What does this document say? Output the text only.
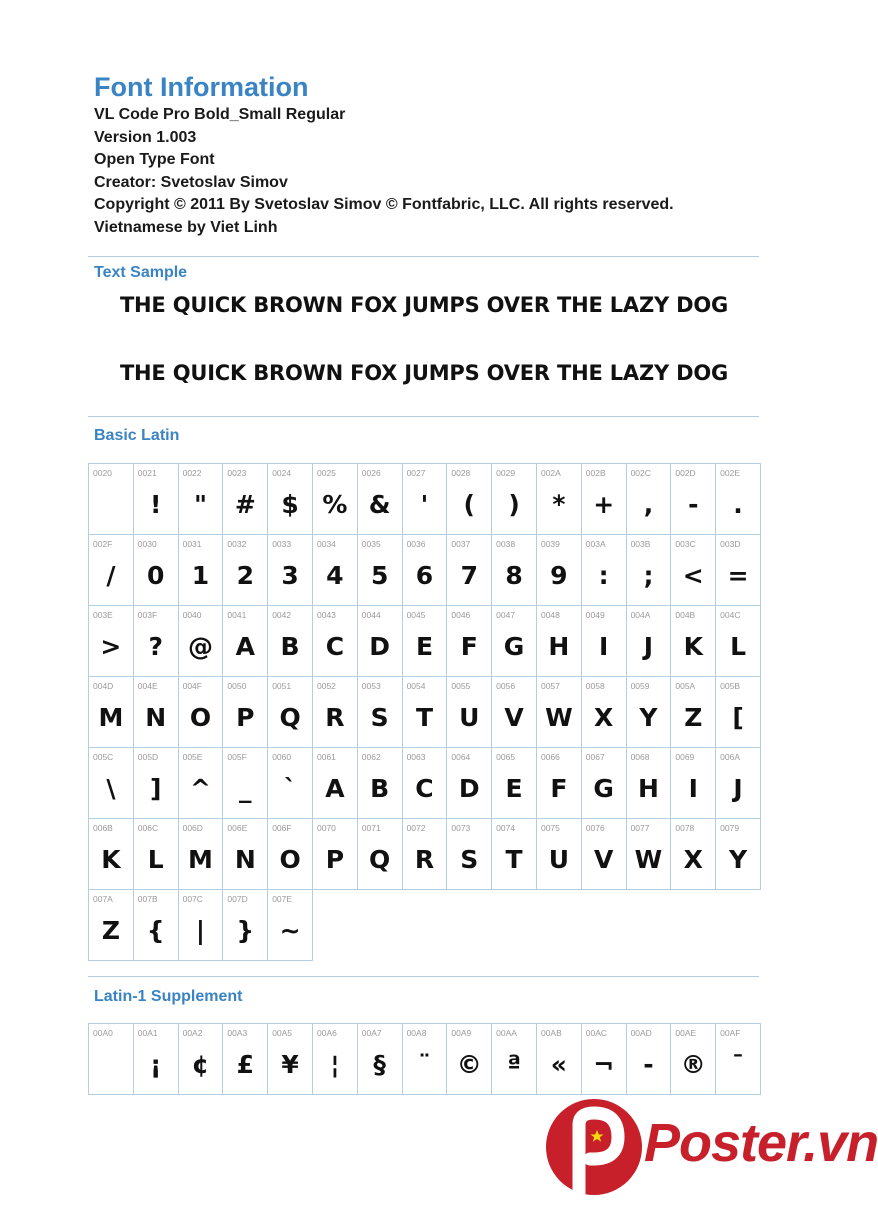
Font Information
VL Code Pro Bold_Small Regular
Version 1.003
Open Type Font
Creator: Svetoslav Simov
Copyright © 2011 By Svetoslav Simov © Fontfabric, LLC. All rights reserved.
Vietnamese by Viet Linh
Text Sample
THE QUICK BROWN FOX JUMPS OVER THE LAZY DOG
THE QUICK BROWN FOX JUMPS OVER THE LAZY DOG
Basic Latin
0020	0021
!
0022
"
0023
#
0024
$
0025
%
0026
&
0027
'
0028
(
0029
)
002A
*
002B
+
002C
,
002D
-
002E
.
002F
/
0030
0
0031
1
0032
2
0033
3
0034
4
0035
5
0036
6
0037
7
0038
8
0039
9
003A
:
003B
;
003C
<
003D
=
003E
>
003F
?
0040
@
0041
A
0042
B
0043
C
0044
D
0045
E
0046
F
0047
G
0048
H
0049
I
004A
J
004B
K
004C
L
004D
M
004E
N
004F
O
0050
P
0051
Q
0052
R
0053
S
0054
T
0055
U
0056
V
0057
W
0058
X
0059
Y
005A
Z
005B
[
005C
\
005D
]
005E
^
005F
_
0060
`
0061
A
0062
B
0063
C
0064
D
0065
E
0066
F
0067
G
0068
H
0069
I
006A
J
006B
K
006C
L
006D
M
006E
N
006F
O
0070
P
0071
Q
0072
R
0073
S
0074
T
0075
U
0076
V
0077
W
0078
X
0079
Y
007A
Z
007B
{
007C
|
007D
}
007E
~
Latin-1 Supplement
00A0	00A1
¡
00A2
¢
00A3
£
00A5
¥
00A6
¦
00A7
§
00A8
¨
00A9
©
00AA
ª
00AB
«
00AC
¬
00AD
-
00AE
®
00AF
¯
Poster.vn
